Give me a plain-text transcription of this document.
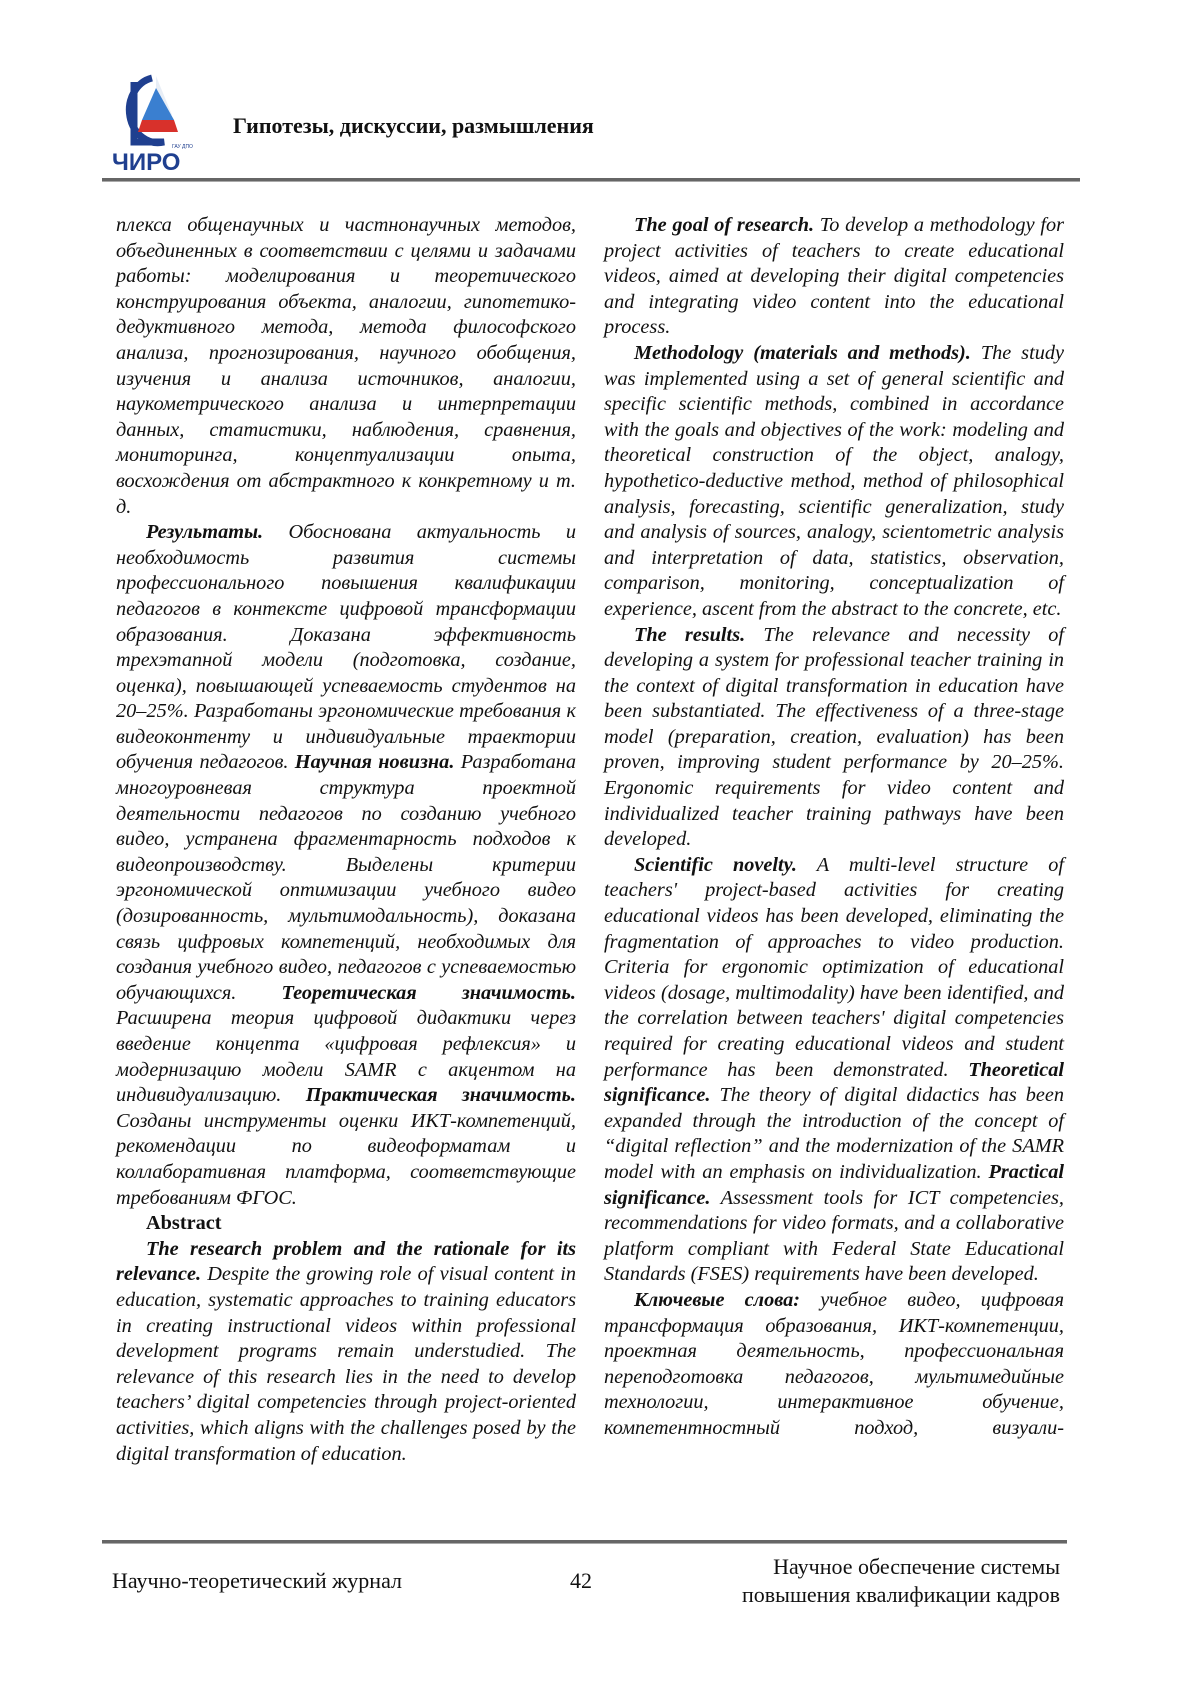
ГАУ ДПО
ЧИРО
Гипотезы, дискуссии, размышления

плекса общенаучных и частнонаучных методов, объединенных в соответствии с целями и задачами работы: моделирования и теоретического конструирования объекта, аналогии, гипотетико-дедуктивного метода, метода философского анализа, прогнозирования, научного обобщения, изучения и анализа источников, аналогии, наукометрического анализа и интерпретации данных, статистики, наблюдения, сравнения, мониторинга, концептуализации опыта, восхождения от абстрактного к конкретному и т. д.

Результаты. Обоснована актуальность и необходимость развития системы профессионального повышения квалификации педагогов в контексте цифровой трансформации образования. Доказана эффективность трехэтапной модели (подготовка, создание, оценка), повышающей успеваемость студентов на 20–25%. Разработаны эргономические требования к видеоконтенту и индивидуальные траектории обучения педагогов. Научная новизна. Разработана многоуровневая структура проектной деятельности педагогов по созданию учебного видео, устранена фрагментарность подходов к видеопроизводству. Выделены критерии эргономической оптимизации учебного видео (дозированность, мультимодальность), доказана связь цифровых компетенций, необходимых для создания учебного видео, педагогов с успеваемостью обучающихся. Теоретическая значимость. Расширена теория цифровой дидактики через введение концепта «цифровая рефлексия» и модернизацию модели SAMR с акцентом на индивидуализацию. Практическая значимость. Созданы инструменты оценки ИКТ-компетенций, рекомендации по видеоформатам и коллаборативная платформа, соответствующие требованиям ФГОС.

Abstract

The research problem and the rationale for its relevance. Despite the growing role of visual content in education, systematic approaches to training educators in creating instructional videos within professional development programs remain understudied. The relevance of this research lies in the need to develop teachers’ digital competencies through project-oriented activities, which aligns with the challenges posed by the digital transformation of education.

The goal of research. To develop a methodology for project activities of teachers to create educational videos, aimed at developing their digital competencies and integrating video content into the educational process.

Methodology (materials and methods). The study was implemented using a set of general scientific and specific scientific methods, combined in accordance with the goals and objectives of the work: modeling and theoretical construction of the object, analogy, hypothetico-deductive method, method of philosophical analysis, forecasting, scientific generalization, study and analysis of sources, analogy, scientometric analysis and interpretation of data, statistics, observation, comparison, monitoring, conceptualization of experience, ascent from the abstract to the concrete, etc.

The results. The relevance and necessity of developing a system for professional teacher training in the context of digital transformation in education have been substantiated. The effectiveness of a three-stage model (preparation, creation, evaluation) has been proven, improving student performance by 20–25%. Ergonomic requirements for video content and individualized teacher training pathways have been developed.

Scientific novelty. A multi-level structure of teachers' project-based activities for creating educational videos has been developed, eliminating the fragmentation of approaches to video production. Criteria for ergonomic optimization of educational videos (dosage, multimodality) have been identified, and the correlation between teachers' digital competencies required for creating educational videos and student performance has been demonstrated. Theoretical significance. The theory of digital didactics has been expanded through the introduction of the concept of “digital reflection” and the modernization of the SAMR model with an emphasis on individualization. Practical significance. Assessment tools for ICT competencies, recommendations for video formats, and a collaborative platform compliant with Federal State Educational Standards (FSES) requirements have been developed.

Ключевые слова: учебное видео, цифровая трансформация образования, ИКТ-компетенции, проектная деятельность, профессиональная переподготовка педагогов, мультимедийные технологии, интерактивное обучение, компетентностный подход, визуали-

Научно-теоретический журнал	42
Научное обеспечение системы
повышения квалификации кадров
